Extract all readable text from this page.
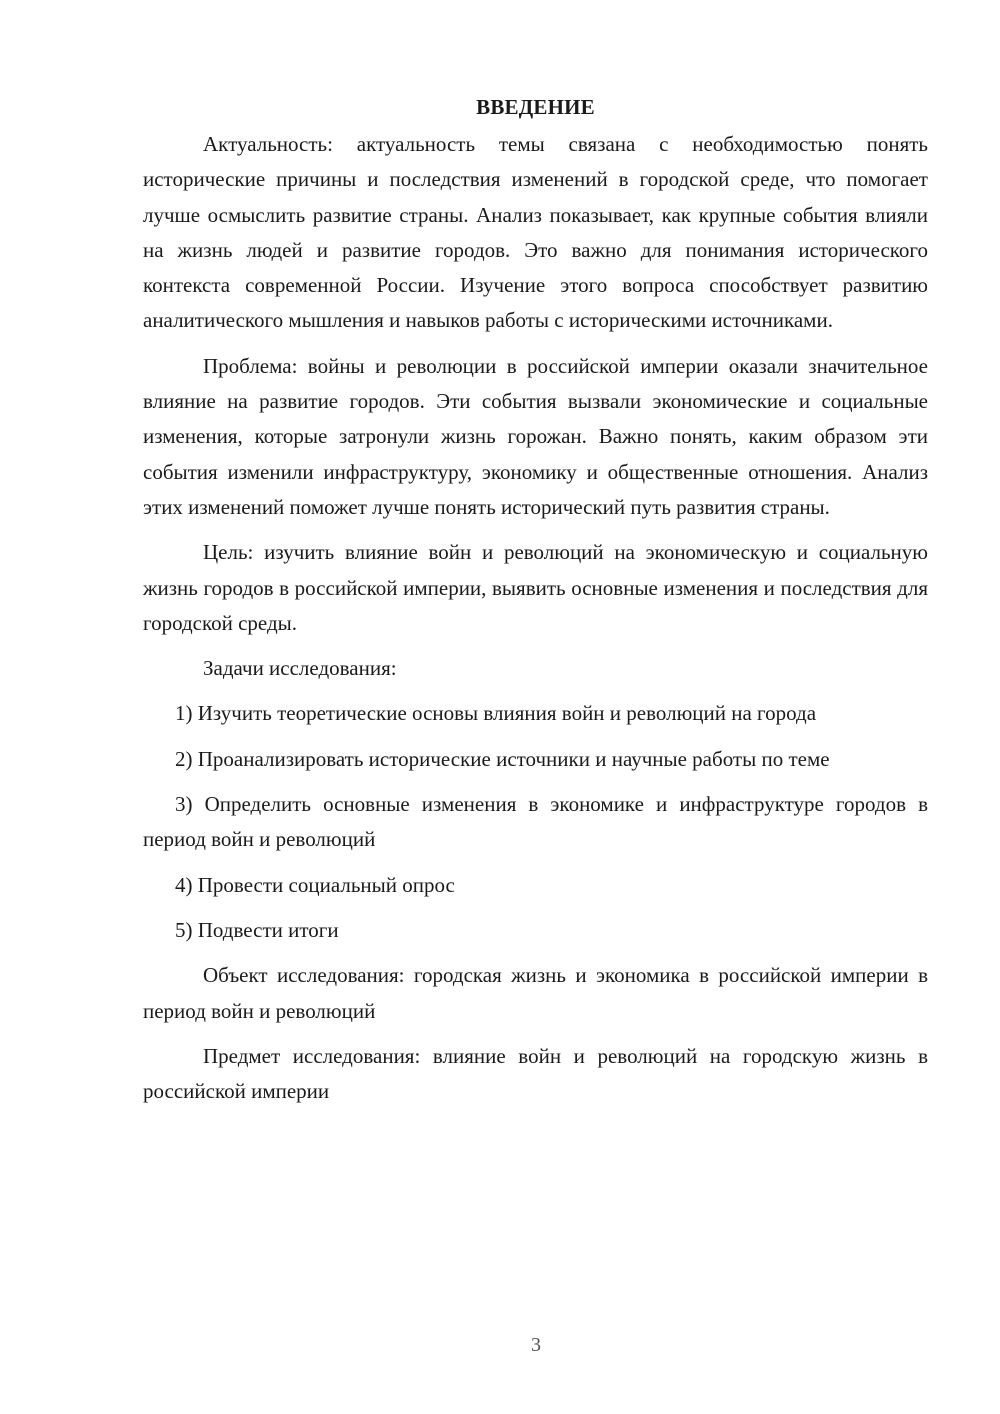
ВВЕДЕНИЕ

Актуальность: актуальность темы связана с необходимостью понять исторические причины и последствия изменений в городской среде, что помогает лучше осмыслить развитие страны. Анализ показывает, как крупные события влияли на жизнь людей и развитие городов. Это важно для понимания исторического контекста современной России. Изучение этого вопроса способствует развитию аналитического мышления и навыков работы с историческими источниками.

Проблема: войны и революции в российской империи оказали значительное влияние на развитие городов. Эти события вызвали экономические и социальные изменения, которые затронули жизнь горожан. Важно понять, каким образом эти события изменили инфраструктуру, экономику и общественные отношения. Анализ этих изменений поможет лучше понять исторический путь развития страны.

Цель: изучить влияние войн и революций на экономическую и социальную жизнь городов в российской империи, выявить основные изменения и последствия для городской среды.

Задачи исследования:

1) Изучить теоретические основы влияния войн и революций на города

2) Проанализировать исторические источники и научные работы по теме

3) Определить основные изменения в экономике и инфраструктуре городов в период войн и революций

4) Провести социальный опрос

5) Подвести итоги

Объект исследования: городская жизнь и экономика в российской империи в период войн и революций

Предмет исследования: влияние войн и революций на городскую жизнь в российской империи

3
